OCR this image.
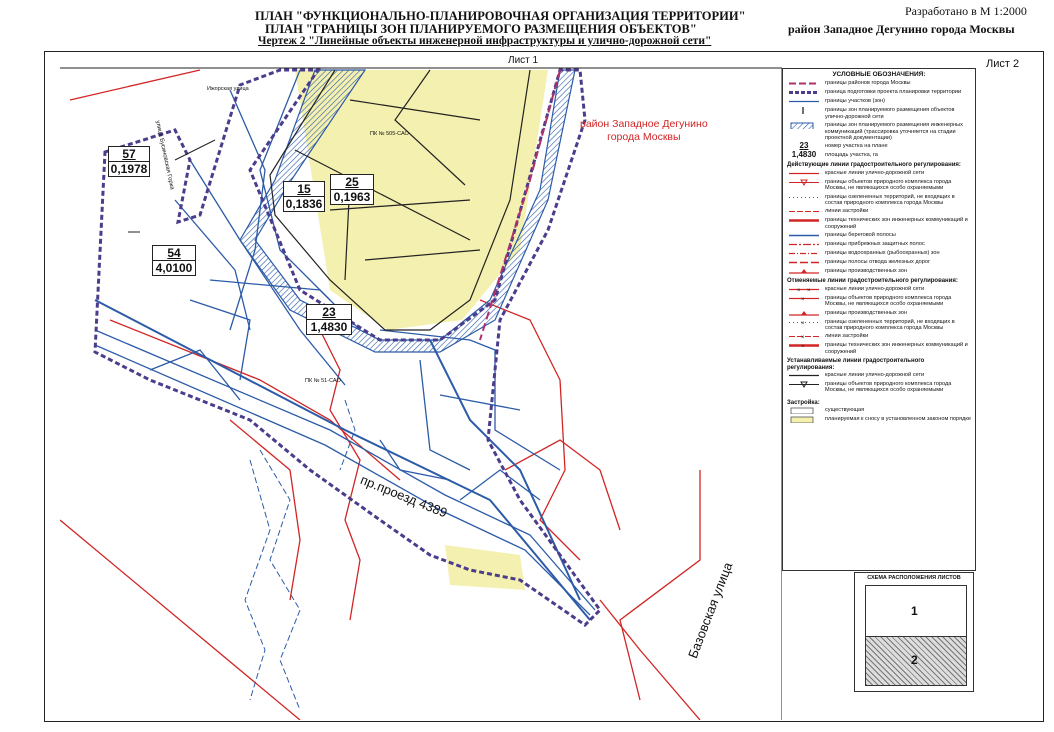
ПЛАН "ФУНКЦИОНАЛЬНО-ПЛАНИРОВОЧНАЯ ОРГАНИЗАЦИЯ ТЕРРИТОРИИ"
ПЛАН "ГРАНИЦЫ ЗОН ПЛАНИРУЕМОГО РАЗМЕЩЕНИЯ ОБЪЕКТОВ"
Чертеж 2 "Линейные объекты инженерной инфраструктуры и улично-дорожной сети"
Разработано в М 1:2000
район Западное Дегунино города Москвы
Лист 2
Лист 1
район Западное Дегунино
города Москвы
улица Бусиновская Горка
Ижорская улица
ПК № 505-САО
ПК № 51-САО
пр.проезд 4389
Базовская улица
57
0,1978
15
0,1836
25
0,1963
54
4,0100
23
1,4830
УСЛОВНЫЕ ОБОЗНАЧЕНИЯ:
границы районов города Москвы
граница подготовки проекта планировки территории
границы участков (зон)
границы зон планируемого размещения объектов улично-дорожной сети
границы зон планируемого размещения инженерных коммуникаций (трассировка уточняется на стадии проектной документации)
23	номер участка на плане
1,4830	площадь участка, га
Действующие линии градостроительного регулирования:
красные линии улично-дорожной сети
границы объектов природного комплекса города Москвы, не являющихся особо охраняемыми
границы озелененных территорий, не входящих в состав природного комплекса города Москвы
линии застройки
границы технических зон инженерных коммуникаций и сооружений
границы береговой полосы
границы прибрежных защитных полос
границы водоохранных (рыбоохранных) зон
границы полосы отвода железных дорог
границы производственных зон
Отменяемые линии градостроительного регулирования:
× ×	красные линии улично-дорожной сети
×	границы объектов природного комплекса города Москвы, не являющихся особо охраняемыми
границы производственных зон
×	границы озелененных территорий, не входящих в состав природного комплекса города Москвы
×	линии застройки
×	границы технических зон инженерных коммуникаций и сооружений
Устанавливаемые линии градостроительного регулирования:
красные линии улично-дорожной сети
границы объектов природного комплекса города Москвы, не являющихся особо охраняемыми
Застройка:
существующая
планируемая к сносу в установленном законом порядке
СХЕМА РАСПОЛОЖЕНИЯ ЛИСТОВ
1
2
